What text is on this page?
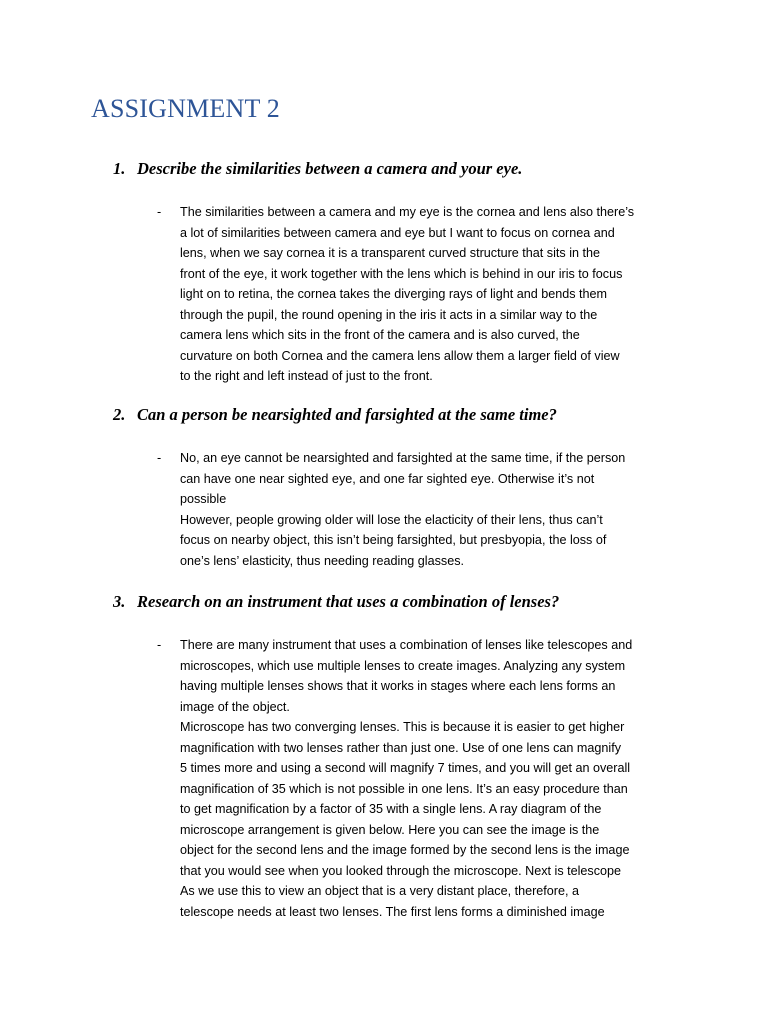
ASSIGNMENT 2
1. Describe the similarities between a camera and your eye.
- The similarities between a camera and my eye is the cornea and lens also there’s
a lot of similarities between camera and eye but I want to focus on cornea and
lens, when we say cornea it is a transparent curved structure that sits in the
front of the eye, it work together with the lens which is behind in our iris to focus
light on to retina, the cornea takes the diverging rays of light and bends them
through the pupil, the round opening in the iris it acts in a similar way to the
camera lens which sits in the front of the camera and is also curved, the
curvature on both Cornea and the camera lens allow them a larger field of view
to the right and left instead of just to the front.
2. Can a person be nearsighted and farsighted at the same time?
- No, an eye cannot be nearsighted and farsighted at the same time, if the person
can have one near sighted eye, and one far sighted eye. Otherwise it’s not
possible
However, people growing older will lose the elacticity of their lens, thus can’t
focus on nearby object, this isn’t being farsighted, but presbyopia, the loss of
one’s lens’ elasticity, thus needing reading glasses.
3. Research on an instrument that uses a combination of lenses?
- There are many instrument that uses a combination of lenses like telescopes and
microscopes, which use multiple lenses to create images. Analyzing any system
having multiple lenses shows that it works in stages where each lens forms an
image of the object.
Microscope has two converging lenses. This is because it is easier to get higher
magnification with two lenses rather than just one. Use of one lens can magnify
5 times more and using a second will magnify 7 times, and you will get an overall
magnification of 35 which is not possible in one lens. It’s an easy procedure than
to get magnification by a factor of 35 with a single lens. A ray diagram of the
microscope arrangement is given below. Here you can see the image is the
object for the second lens and the image formed by the second lens is the image
that you would see when you looked through the microscope. Next is telescope
As we use this to view an object that is a very distant place, therefore, a
telescope needs at least two lenses. The first lens forms a diminished image
